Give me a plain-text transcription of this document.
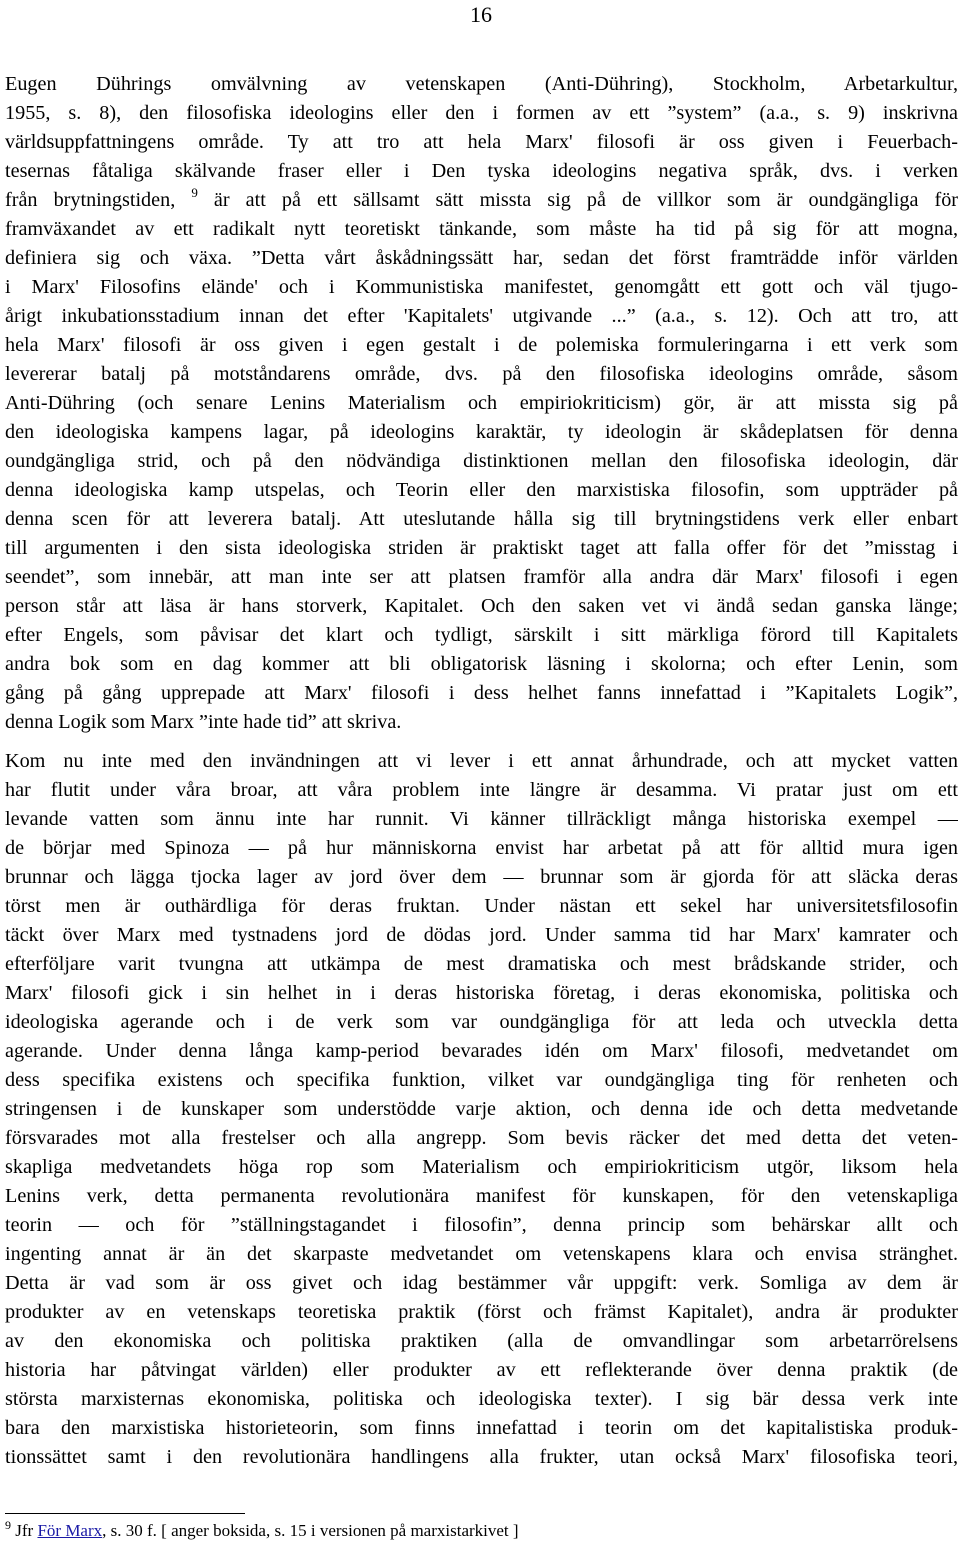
16
Eugen Dührings omvälvning av vetenskapen (Anti-Dühring), Stockholm, Arbetarkultur,
1955, s. 8), den filosofiska ideologins eller den i formen av ett ”system” (a.a., s. 9) inskrivna
världsuppfattningens område. Ty att tro att hela Marx' filosofi är oss given i Feuerbach-
tesernas fåtaliga skälvande fraser eller i Den tyska ideologins negativa språk, dvs. i verken
från brytningstiden, $^9$ är att på ett sällsamt sätt missta sig på de villkor som är oundgängliga för
framväxandet av ett radikalt nytt teoretiskt tänkande, som måste ha tid på sig för att mogna,
definiera sig och växa. ”Detta vårt åskådningssätt har, sedan det först framträdde inför världen
i Marx' Filosofins elände' och i Kommunistiska manifestet, genomgått ett gott och väl tjugo-
årigt inkubationsstadium innan det efter 'Kapitalets' utgivande ...” (a.a., s. 12). Och att tro, att
hela Marx' filosofi är oss given i egen gestalt i de polemiska formuleringarna i ett verk som
levererar batalj på motståndarens område, dvs. på den filosofiska ideologins område, såsom
Anti-Dühring (och senare Lenins Materialism och empiriokriticism) gör, är att missta sig på
den ideologiska kampens lagar, på ideologins karaktär, ty ideologin är skådeplatsen för denna
oundgängliga strid, och på den nödvändiga distinktionen mellan den filosofiska ideologin, där
denna ideologiska kamp utspelas, och Teorin eller den marxistiska filosofin, som uppträder på
denna scen för att leverera batalj. Att uteslutande hålla sig till brytningstidens verk eller enbart
till argumenten i den sista ideologiska striden är praktiskt taget att falla offer för det ”misstag i
seendet”, som innebär, att man inte ser att platsen framför alla andra där Marx' filosofi i egen
person står att läsa är hans storverk, Kapitalet. Och den saken vet vi ändå sedan ganska länge;
efter Engels, som påvisar det klart och tydligt, särskilt i sitt märkliga förord till Kapitalets
andra bok som en dag kommer att bli obligatorisk läsning i skolorna; och efter Lenin, som
gång på gång upprepade att Marx' filosofi i dess helhet fanns innefattad i ”Kapitalets Logik”,
denna Logik som Marx ”inte hade tid” att skriva.
Kom nu inte med den invändningen att vi lever i ett annat århundrade, och att mycket vatten
har flutit under våra broar, att våra problem inte längre är desamma. Vi pratar just om ett
levande vatten som ännu inte har runnit. Vi känner tillräckligt många historiska exempel —
de börjar med Spinoza — på hur människorna envist har arbetat på att för alltid mura igen
brunnar och lägga tjocka lager av jord över dem — brunnar som är gjorda för att släcka deras
törst men är outhärdliga för deras fruktan. Under nästan ett sekel har universitetsfilosofin
täckt över Marx med tystnadens jord de dödas jord. Under samma tid har Marx' kamrater och
efterföljare varit tvungna att utkämpa de mest dramatiska och mest brådskande strider, och
Marx' filosofi gick i sin helhet in i deras historiska företag, i deras ekonomiska, politiska och
ideologiska agerande och i de verk som var oundgängliga för att leda och utveckla detta
agerande. Under denna långa kamp-period bevarades idén om Marx' filosofi, medvetandet om
dess specifika existens och specifika funktion, vilket var oundgängliga ting för renheten och
stringensen i de kunskaper som understödde varje aktion, och denna ide och detta medvetande
försvarades mot alla frestelser och alla angrepp. Som bevis räcker det med detta det veten-
skapliga medvetandets höga rop som Materialism och empiriokriticism utgör, liksom hela
Lenins verk, detta permanenta revolutionära manifest för kunskapen, för den vetenskapliga
teorin — och för ”ställningstagandet i filosofin”, denna princip som behärskar allt och
ingenting annat är än det skarpaste medvetandet om vetenskapens klara och envisa stränghet.
Detta är vad som är oss givet och idag bestämmer vår uppgift: verk. Somliga av dem är
produkter av en vetenskaps teoretiska praktik (först och främst Kapitalet), andra är produkter
av den ekonomiska och politiska praktiken (alla de omvandlingar som arbetarrörelsens
historia har påtvingat världen) eller produkter av ett reflekterande över denna praktik (de
största marxisternas ekonomiska, politiska och ideologiska texter). I sig bär dessa verk inte
bara den marxistiska historieteorin, som finns innefattad i teorin om det kapitalistiska produk-
tionssättet samt i den revolutionära handlingens alla frukter, utan också Marx' filosofiska teori,
$^9$ Jfr För Marx, s. 30 f. [ anger boksida, s. 15 i versionen på marxistarkivet ]
